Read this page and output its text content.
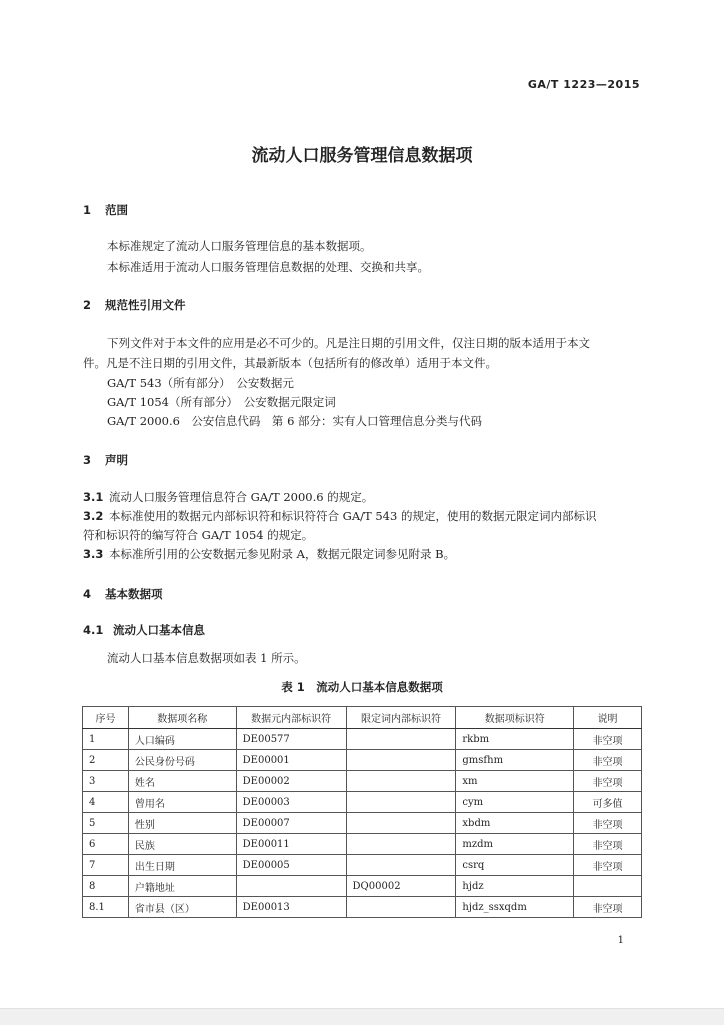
GA/T 1223—2015
流动人口服务管理信息数据项
1 范围
本标准规定了流动人口服务管理信息的基本数据项。
本标准适用于流动人口服务管理信息数据的处理、交换和共享。
2 规范性引用文件
下列文件对于本文件的应用是必不可少的。凡是注日期的引用文件，仅注日期的版本适用于本文
件。凡是不注日期的引用文件，其最新版本（包括所有的修改单）适用于本文件。
GA/T 543（所有部分）　公安数据元
GA/T 1054（所有部分）　公安数据元限定词
GA/T 2000.6　公安信息代码　第 6 部分：实有人口管理信息分类与代码
3 声明
3.1 流动人口服务管理信息符合 GA/T 2000.6 的规定。
3.2 本标准使用的数据元内部标识符和标识符符合 GA/T 543 的规定，使用的数据元限定词内部标识
符和标识符的编写符合 GA/T 1054 的规定。
3.3 本标准所引用的公安数据元参见附录 A，数据元限定词参见附录 B。
4 基本数据项
4.1 流动人口基本信息
流动人口基本信息数据项如表 1 所示。
表 1　流动人口基本信息数据项
序号	数据项名称	数据元内部标识符	限定词内部标识符	数据项标识符	说明
1	人口编码	DE00577		rkbm	非空项
2	公民身份号码	DE00001		gmsfhm	非空项
3	姓名	DE00002		xm	非空项
4	曾用名	DE00003		cym	可多值
5	性别	DE00007		xbdm	非空项
6	民族	DE00011		mzdm	非空项
7	出生日期	DE00005		csrq	非空项
8	户籍地址		DQ00002	hjdz	
8.1	省市县（区）	DE00013		hjdz_ssxqdm	非空项
1
